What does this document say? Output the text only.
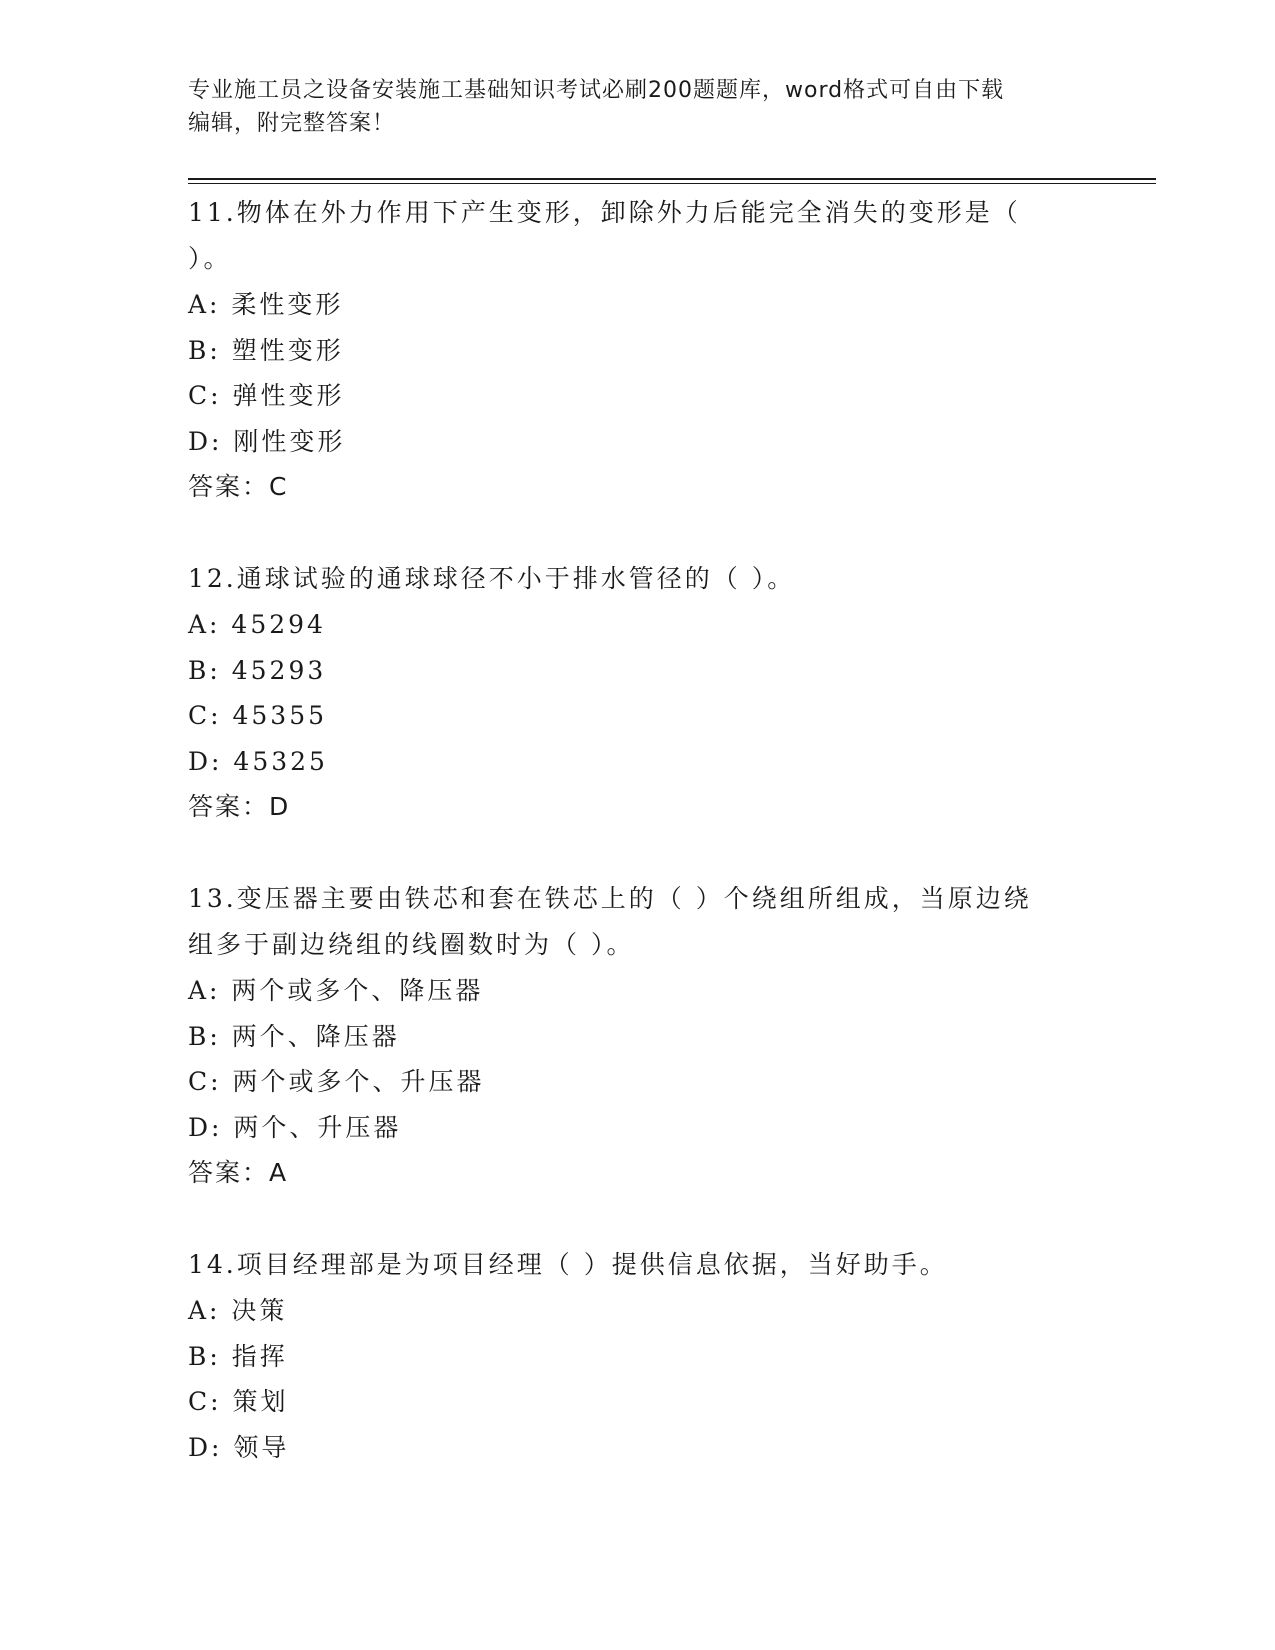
专业施工员之设备安装施工基础知识考试必刷200题题库，word格式可自由下载
编辑，附完整答案！

11.物体在外力作用下产生变形，卸除外力后能完全消失的变形是（

）。

A: 柔性变形

B: 塑性变形

C: 弹性变形

D: 刚性变形

答案：C

12.通球试验的通球球径不小于排水管径的（ ）。

A: 45294

B: 45293

C: 45355

D: 45325

答案：D

13.变压器主要由铁芯和套在铁芯上的（ ）个绕组所组成，当原边绕

组多于副边绕组的线圈数时为（ ）。

A: 两个或多个、降压器

B: 两个、降压器

C: 两个或多个、升压器

D: 两个、升压器

答案：A

14.项目经理部是为项目经理（ ）提供信息依据，当好助手。

A: 决策

B: 指挥

C: 策划

D: 领导
